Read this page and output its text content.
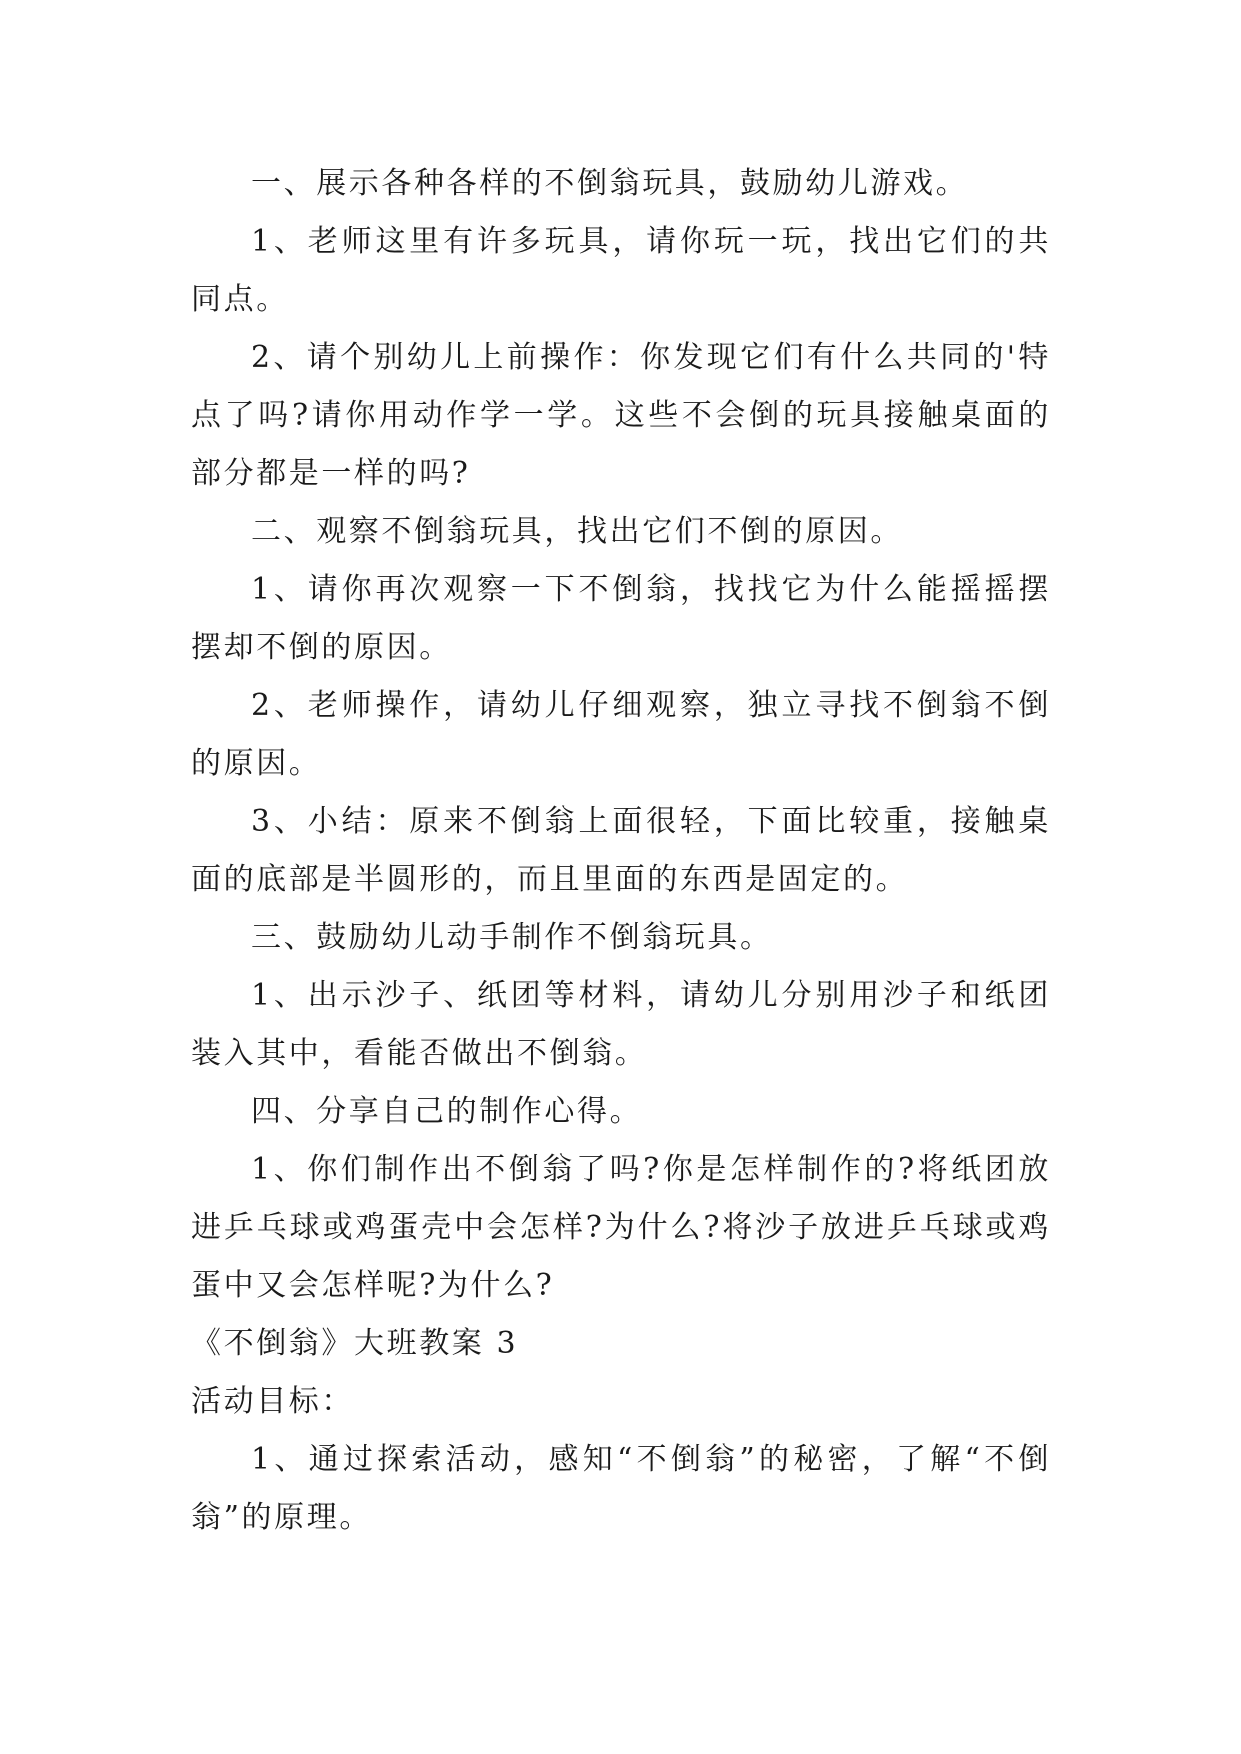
一、展示各种各样的不倒翁玩具，鼓励幼儿游戏。

1、老师这里有许多玩具，请你玩一玩，找出它们的共同点。

2、请个别幼儿上前操作：你发现它们有什么共同的'特点了吗?请你用动作学一学。这些不会倒的玩具接触桌面的部分都是一样的吗?

二、观察不倒翁玩具，找出它们不倒的原因。

1、请你再次观察一下不倒翁，找找它为什么能摇摇摆摆却不倒的原因。

2、老师操作，请幼儿仔细观察，独立寻找不倒翁不倒的原因。

3、小结：原来不倒翁上面很轻，下面比较重，接触桌面的底部是半圆形的，而且里面的东西是固定的。

三、鼓励幼儿动手制作不倒翁玩具。

1、出示沙子、纸团等材料，请幼儿分别用沙子和纸团装入其中，看能否做出不倒翁。

四、分享自己的制作心得。

1、你们制作出不倒翁了吗?你是怎样制作的?将纸团放进乒乓球或鸡蛋壳中会怎样?为什么?将沙子放进乒乓球或鸡蛋中又会怎样呢?为什么?

《不倒翁》大班教案 3

活动目标：

1、通过探索活动，感知“不倒翁”的秘密，了解“不倒翁”的原理。
